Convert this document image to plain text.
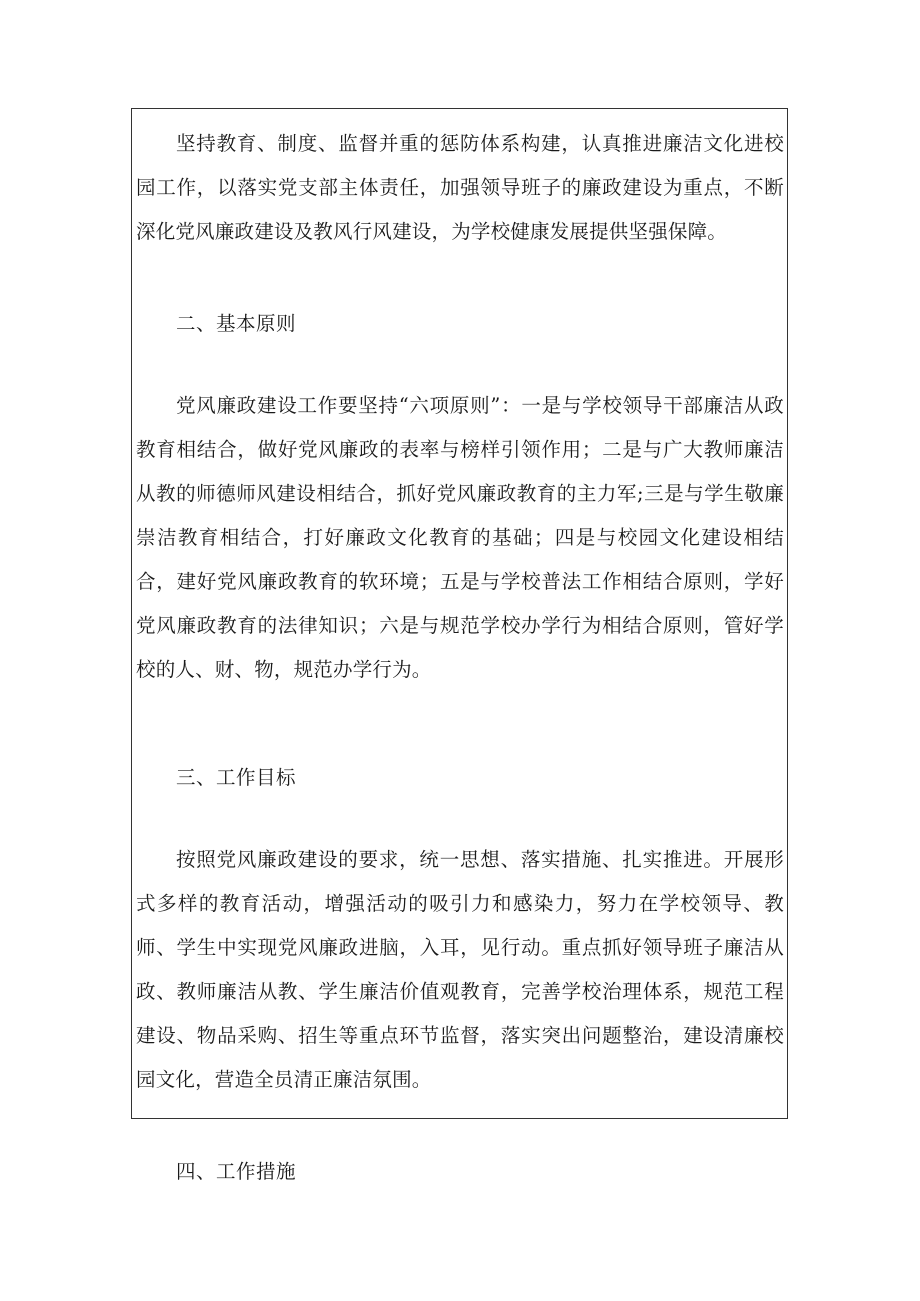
坚持教育、制度、监督并重的惩防体系构建，认真推进廉洁文化进校园工作，以落实党支部主体责任，加强领导班子的廉政建设为重点，不断深化党风廉政建设及教风行风建设，为学校健康发展提供坚强保障。

二、基本原则

党风廉政建设工作要坚持“六项原则”：一是与学校领导干部廉洁从政教育相结合，做好党风廉政的表率与榜样引领作用；二是与广大教师廉洁从教的师德师风建设相结合，抓好党风廉政教育的主力军;三是与学生敬廉崇洁教育相结合，打好廉政文化教育的基础；四是与校园文化建设相结合，建好党风廉政教育的软环境；五是与学校普法工作相结合原则，学好党风廉政教育的法律知识；六是与规范学校办学行为相结合原则，管好学校的人、财、物，规范办学行为。

三、工作目标

按照党风廉政建设的要求，统一思想、落实措施、扎实推进。开展形式多样的教育活动，增强活动的吸引力和感染力，努力在学校领导、教师、学生中实现党风廉政进脑，入耳，见行动。重点抓好领导班子廉洁从政、教师廉洁从教、学生廉洁价值观教育，完善学校治理体系，规范工程建设、物品采购、招生等重点环节监督，落实突出问题整治，建设清廉校园文化，营造全员清正廉洁氛围。

四、工作措施
